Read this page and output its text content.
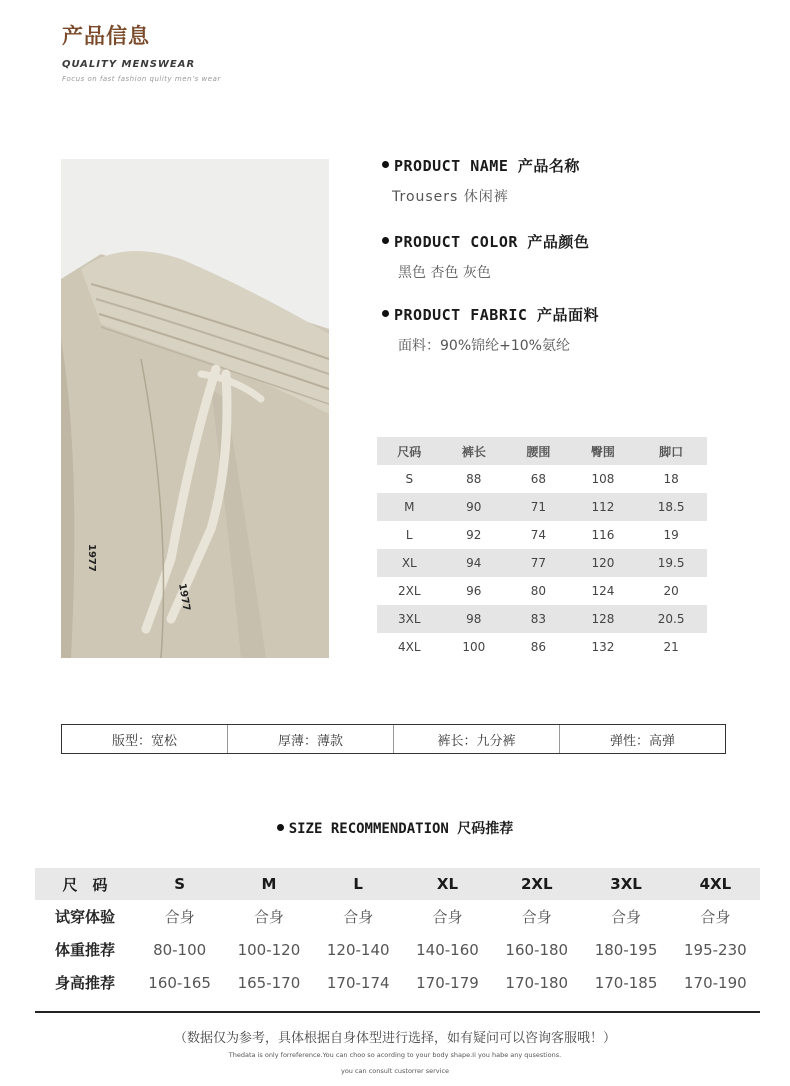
产品信息
QUALITY MENSWEAR
Focus on fast fashion qulity men’s wear
1977
1977
PRODUCT NAME 产品名称
Trousers 休闲裤
PRODUCT COLOR 产品颜色
黑色 杏色 灰色
PRODUCT FABRIC 产品面料
面料：90%锦纶+10%氨纶
尺码	裤长	腰围	臀围	脚口
S	88	68	108	18
M	90	71	112	18.5
L	92	74	116	19
XL	94	77	120	19.5
2XL	96	80	124	20
3XL	98	83	128	20.5
4XL	100	86	132	21
版型：宽松	厚薄：薄款	裤长：九分裤	弹性：高弹
SIZE RECOMMENDATION 尺码推荐
尺　码	S	M	L	XL	2XL	3XL	4XL
试穿体验	合身	合身	合身	合身	合身	合身	合身
体重推荐	80-100	100-120	120-140	140-160	160-180	180-195	195-230
身高推荐	160-165	165-170	170-174	170-179	170-180	170-185	170-190
（数据仅为参考，具体根据自身体型进行选择，如有疑问可以咨询客服哦！）
Thedata is only forreference.You can choo so acording to your body shape.Ii you habe any qusestions.
you can consult custorrer service
